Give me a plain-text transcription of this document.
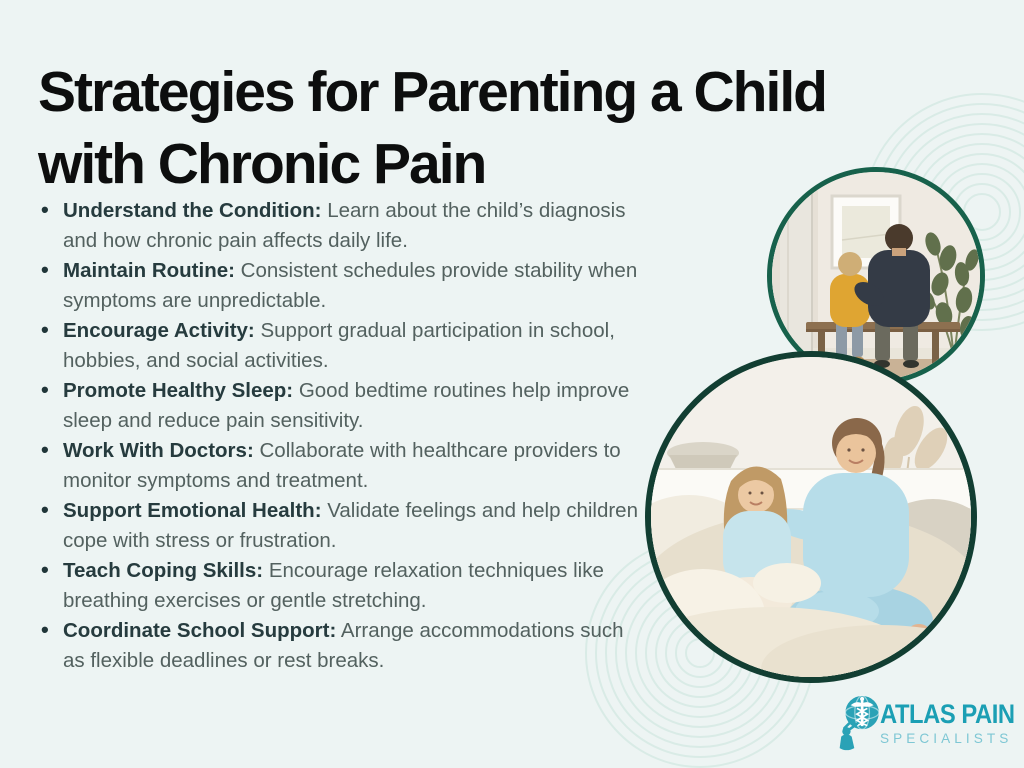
Strategies for Parenting a Child
with Chronic Pain
• Understand the Condition: Learn about the child’s diagnosis and how chronic pain affects daily life.
• Maintain Routine: Consistent schedules provide stability when symptoms are unpredictable.
• Encourage Activity: Support gradual participation in school, hobbies, and social activities.
• Promote Healthy Sleep: Good bedtime routines help improve sleep and reduce pain sensitivity.
• Work With Doctors: Collaborate with healthcare providers to monitor symptoms and treatment.
• Support Emotional Health: Validate feelings and help children cope with stress or frustration.
• Teach Coping Skills: Encourage relaxation techniques like breathing exercises or gentle stretching.
• Coordinate School Support: Arrange accommodations such as flexible deadlines or rest breaks.
ATLAS PAIN
SPECIALISTS
